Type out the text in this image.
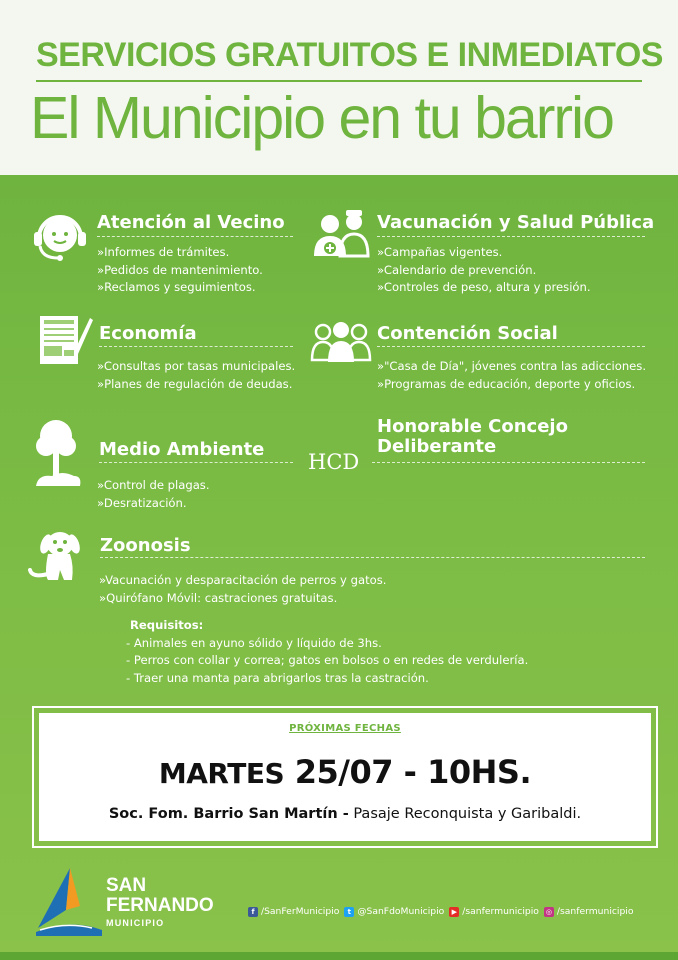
SERVICIOS GRATUITOS E INMEDIATOS
El Municipio en tu barrio
Atención al Vecino
»Informes de trámites.
»Pedidos de mantenimiento.
»Reclamos y seguimientos.
Vacunación y Salud Pública
»Campañas vigentes.
»Calendario de prevención.
»Controles de peso, altura y presión.
Economía
»Consultas por tasas municipales.
»Planes de regulación de deudas.
Contención Social
»"Casa de Día", jóvenes contra las adicciones.
»Programas de educación, deporte y oficios.
Medio Ambiente
»Control de plagas.
»Desratización.
HCD
Honorable Concejo
Deliberante
Zoonosis
»Vacunación y desparacitación de perros y gatos.
»Quirófano Móvil: castraciones gratuitas.
Requisitos:
- Animales en ayuno sólido y líquido de 3hs.
- Perros con collar y correa; gatos en bolsos o en redes de verdulería.
- Traer una manta para abrigarlos tras la castración.
PRÓXIMAS FECHAS
MARTES 25/07 - 10HS.
Soc. Fom. Barrio San Martín - Pasaje Reconquista y Garibaldi.
SAN
FERNANDO
MUNICIPIO
f /SanFerMunicipio	t @SanFdoMunicipio	▶ /sanfermunicipio ◎ /sanfermunicipio
